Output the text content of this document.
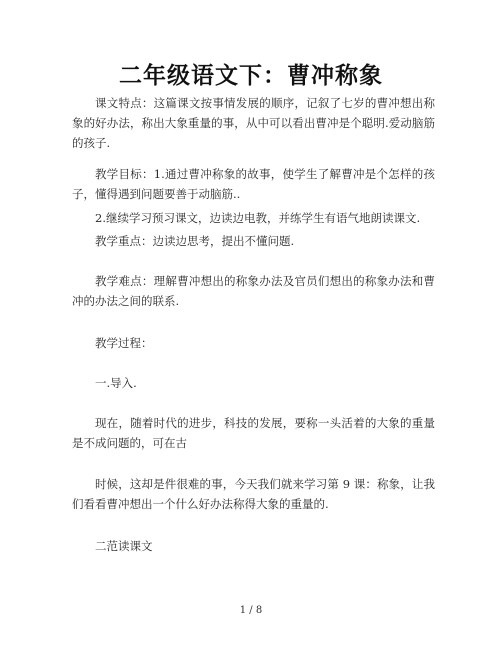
二年级语文下：曹冲称象

课文特点：这篇课文按事情发展的顺序，记叙了七岁的曹冲想出称象的好办法，称出大象重量的事，从中可以看出曹冲是个聪明.爱动脑筋的孩子.

教学目标：1.通过曹冲称象的故事，使学生了解曹冲是个怎样的孩子，懂得遇到问题要善于动脑筋..

2.继续学习预习课文，边读边电教，并练学生有语气地朗读课文.

教学重点：边读边思考，提出不懂问题.

教学难点：理解曹冲想出的称象办法及官员们想出的称象办法和曹冲的办法之间的联系.

教学过程：

一.导入.

现在，随着时代的进步，科技的发展，要称一头活着的大象的重量是不成问题的，可在古

时候，这却是件很难的事，今天我们就来学习第 9 课：称象，让我们看看曹冲想出一个什么好办法称得大象的重量的.

二范读课文

1 / 8
